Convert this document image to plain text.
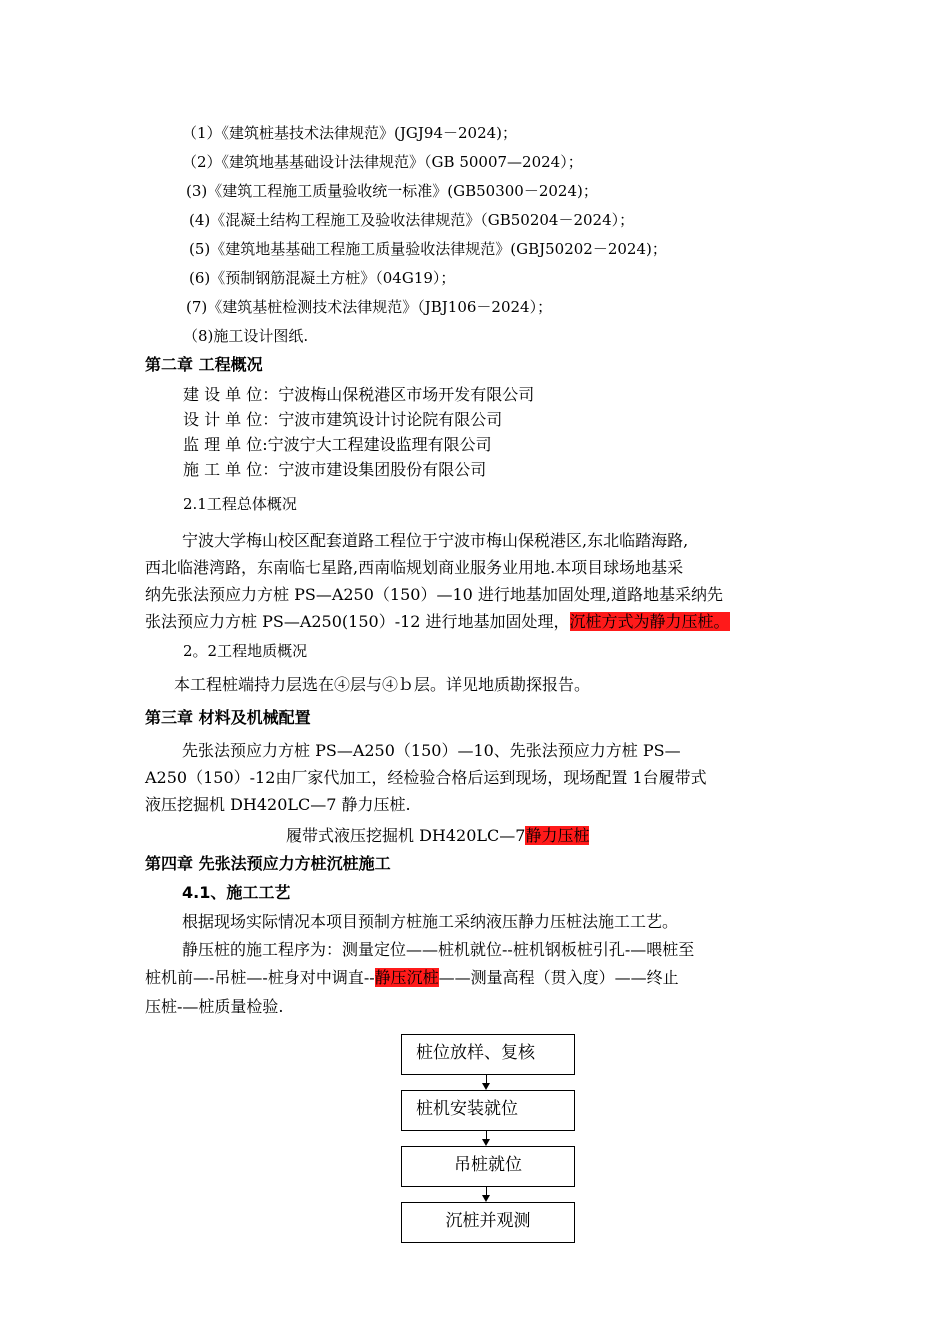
（1）《建筑桩基技术法律规范》(JGJ94－2024)；
（2）《建筑地基基础设计法律规范》（GB 50007—2024）；
(3)《建筑工程施工质量验收统一标准》(GB50300－2024)；
(4)《混凝土结构工程施工及验收法律规范》（GB50204－2024）；
(5)《建筑地基基础工程施工质量验收法律规范》(GBJ50202－2024)；
(6)《预制钢筋混凝土方桩》（04G19）；
(7)《建筑基桩检测技术法律规范》（JBJ106－2024）；
（8)施工设计图纸.
第二章 工程概况
建 设 单 位：宁波梅山保税港区市场开发有限公司
设 计 单 位：宁波市建筑设计讨论院有限公司
监 理 单 位:宁波宁大工程建设监理有限公司
施 工 单 位：宁波市建设集团股份有限公司
2.1工程总体概况
宁波大学梅山校区配套道路工程位于宁波市梅山保税港区,东北临踏海路,
西北临港湾路，东南临七星路,西南临规划商业服务业用地.本项目球场地基采
纳先张法预应力方桩 PS—A250（150）—10 进行地基加固处理,道路地基采纳先
张法预应力方桩 PS—A250(150）-12 进行地基加固处理，沉桩方式为静力压桩。
2。2工程地质概况
本工程桩端持力层选在④层与④ｂ层。详见地质勘探报告。
第三章 材料及机械配置
先张法预应力方桩 PS—A250（150）—10、先张法预应力方桩 PS—
A250（150）-12由厂家代加工，经检验合格后运到现场，现场配置 1台履带式
液压挖掘机 DH420LC—7 静力压桩.
履带式液压挖掘机 DH420LC—7静力压桩
第四章 先张法预应力方桩沉桩施工
4.1、施工工艺
根据现场实际情况本项目预制方桩施工采纳液压静力压桩法施工工艺。
静压桩的施工程序为：测量定位——桩机就位--桩机钢板桩引孔-—喂桩至
桩机前—-吊桩—-桩身对中调直--静压沉桩——测量高程（贯入度）——终止
压桩-—桩质量检验.
桩位放样、复核
桩机安装就位
吊桩就位
沉桩并观测
